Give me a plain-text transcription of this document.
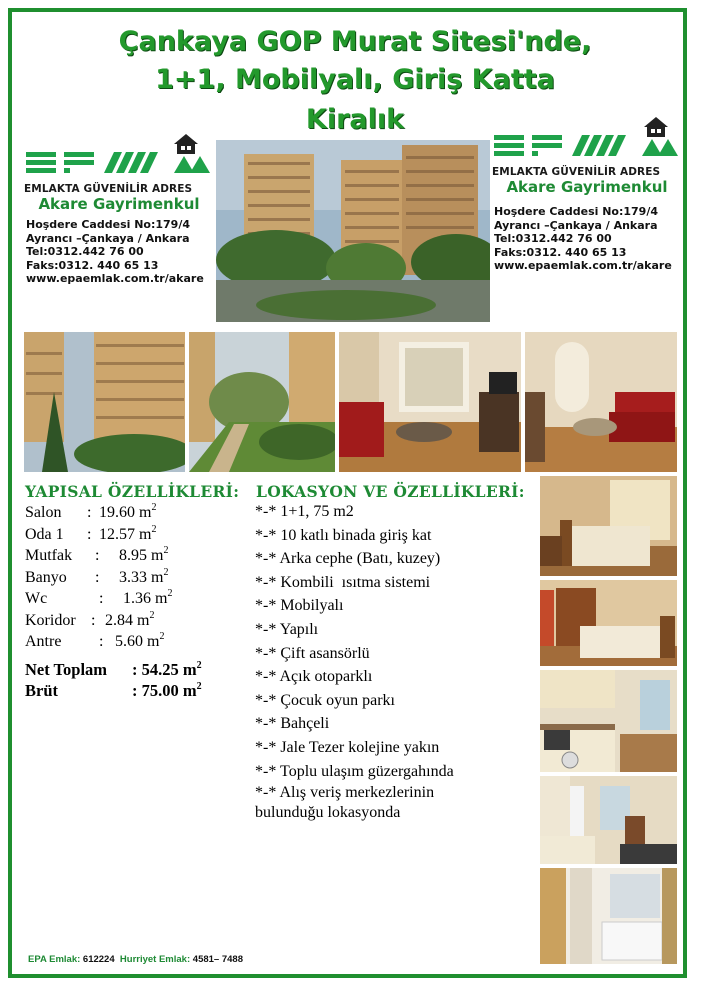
Çankaya GOP Murat Sitesi'nde,
1+1, Mobilyalı, Giriş Katta
Kiralık
EMLAKTA GÜVENİLİR ADRES
Akare Gayrimenkul
Hoşdere Caddesi No:179/4
Ayrancı –Çankaya / Ankara
Tel:0312.442 76 00
Faks:0312. 440 65 13
www.epaemlak.com.tr/akare
EMLAKTA GÜVENİLİR ADRES
Akare Gayrimenkul
Hoşdere Caddesi No:179/4
Ayrancı –Çankaya / Ankara
Tel:0312.442 76 00
Faks:0312. 440 65 13
www.epaemlak.com.tr/akare
YAPISAL ÖZELLİKLERİ:
Salon	: 19.60 $m^2$
Oda 1	: 12.57 $m^2$
Mutfak	: 8.95 $m^2$
Banyo	: 3.33 $m^2$
Wc	: 1.36 $m^2$
Koridor : 2.84 $m^2$
Antre	: 5.60 $m^2$
Net Toplam	: 54.25 $m^2$
Brüt	: 75.00 $m^2$
LOKASYON VE ÖZELLİKLERİ:
*-* 1+1, 75 m2
*-* 10 katlı binada giriş kat
*-* Arka cephe (Batı, kuzey)
*-* Kombili  ısıtma sistemi
*-* Mobilyalı
*-* Yapılı
*-* Çift asansörlü
*-* Açık otoparklı
*-* Çocuk oyun parkı
*-* Bahçeli
*-* Jale Tezer kolejine yakın
*-* Toplu ulaşım güzergahında
*-* Alış veriş merkezlerinin
bulunduğu lokasyonda
EPA Emlak: 612224 Hurriyet Emlak: 4581– 7488
